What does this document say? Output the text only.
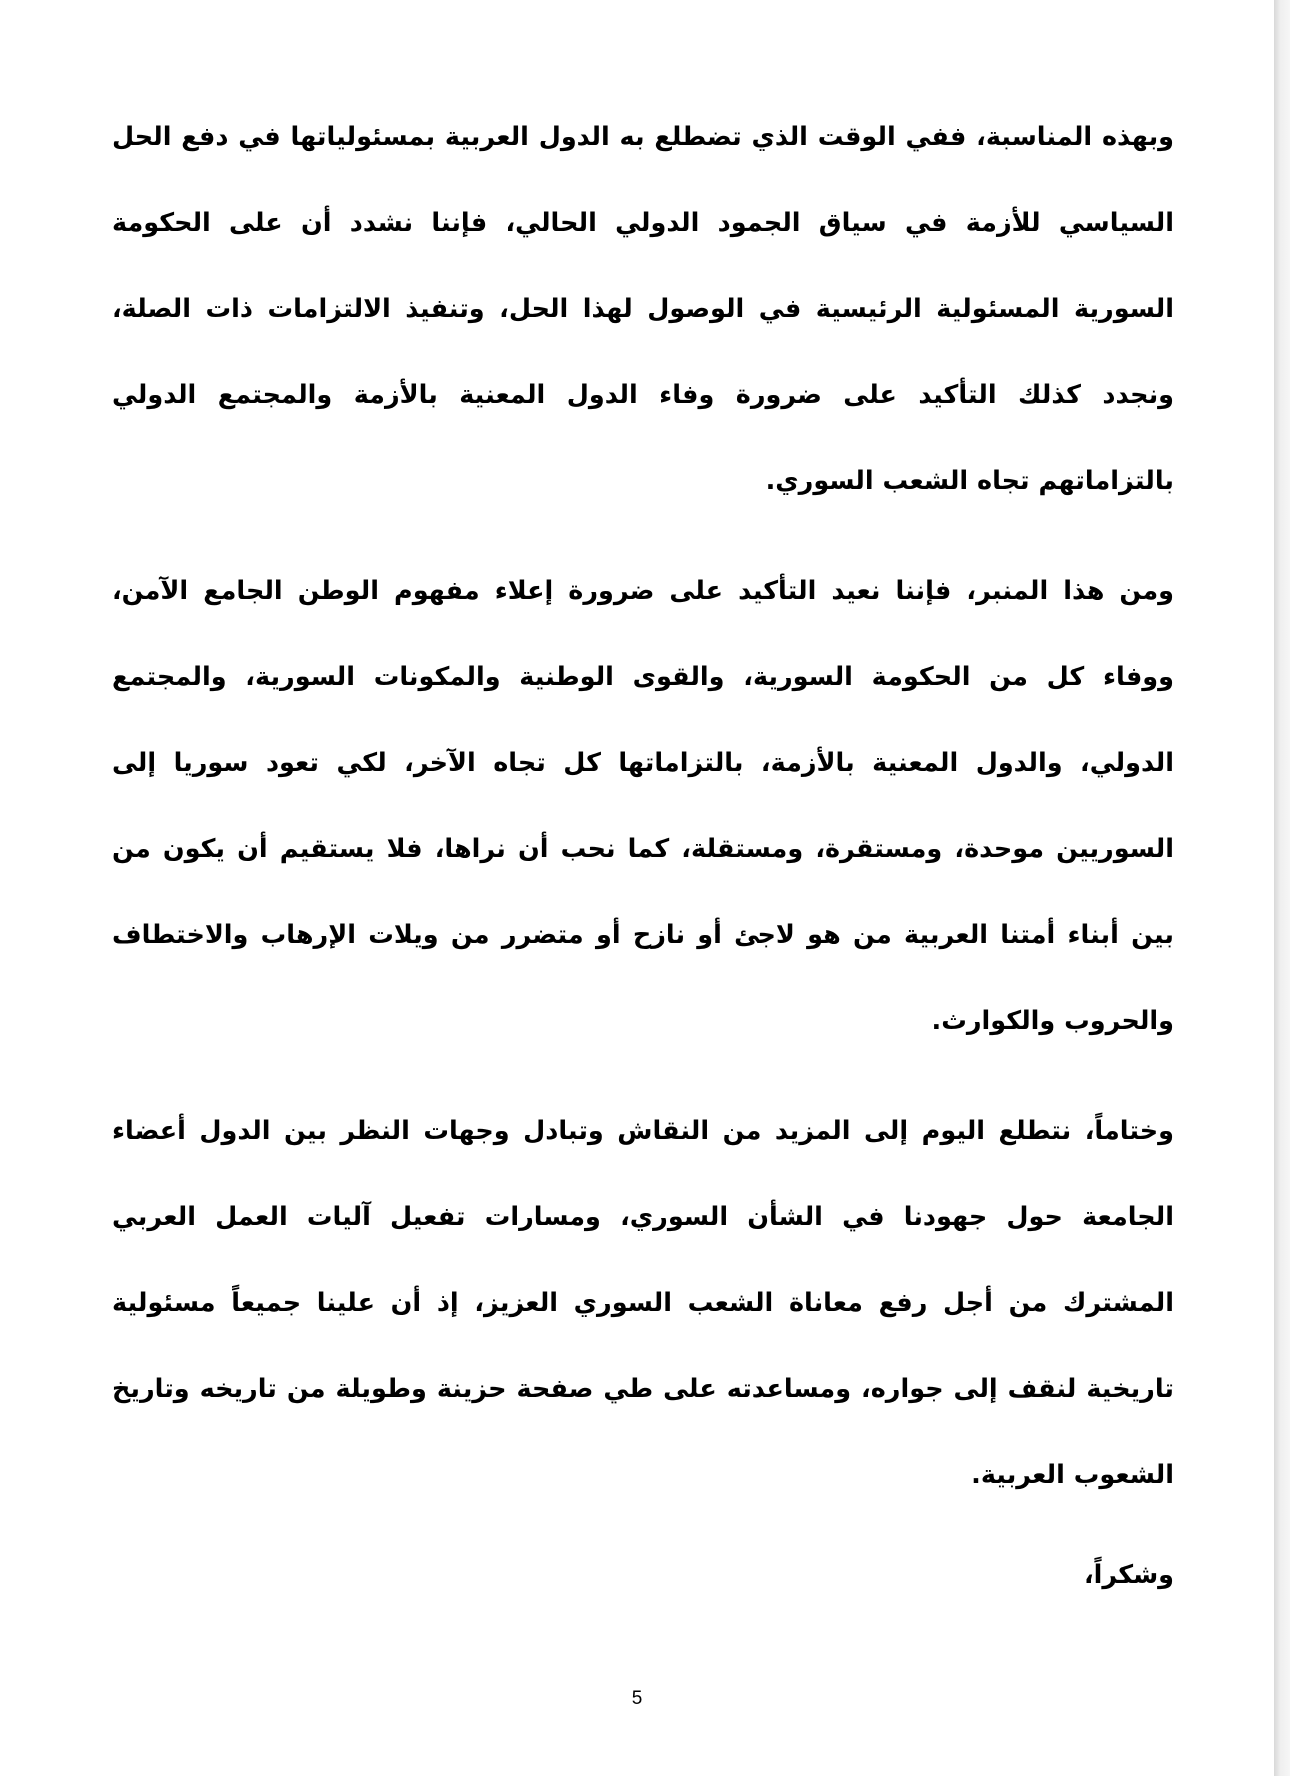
وبهذه المناسبة، ففي الوقت الذي تضطلع به الدول العربية بمسئولياتها في دفع الحل السياسي للأزمة في سياق الجمود الدولي الحالي، فإننا نشدد أن على الحكومة السورية المسئولية الرئيسية في الوصول لهذا الحل، وتنفيذ الالتزامات ذات الصلة، ونجدد كذلك التأكيد على ضرورة وفاء الدول المعنية بالأزمة والمجتمع الدولي بالتزاماتهم تجاه الشعب السوري.

ومن هذا المنبر، فإننا نعيد التأكيد على ضرورة إعلاء مفهوم الوطن الجامع الآمن، ووفاء كل من الحكومة السورية، والقوى الوطنية والمكونات السورية، والمجتمع الدولي، والدول المعنية بالأزمة، بالتزاماتها كل تجاه الآخر، لكي تعود سوريا إلى السوريين موحدة، ومستقرة، ومستقلة، كما نحب أن نراها، فلا يستقيم أن يكون من بين أبناء أمتنا العربية من هو لاجئ أو نازح أو متضرر من ويلات الإرهاب والاختطاف والحروب والكوارث.

وختاماً، نتطلع اليوم إلى المزيد من النقاش وتبادل وجهات النظر بين الدول أعضاء الجامعة حول جهودنا في الشأن السوري، ومسارات تفعيل آليات العمل العربي المشترك من أجل رفع معاناة الشعب السوري العزيز، إذ أن علينا جميعاً مسئولية تاريخية لنقف إلى جواره، ومساعدته على طي صفحة حزينة وطويلة من تاريخه وتاريخ الشعوب العربية.

وشكراً،

5
